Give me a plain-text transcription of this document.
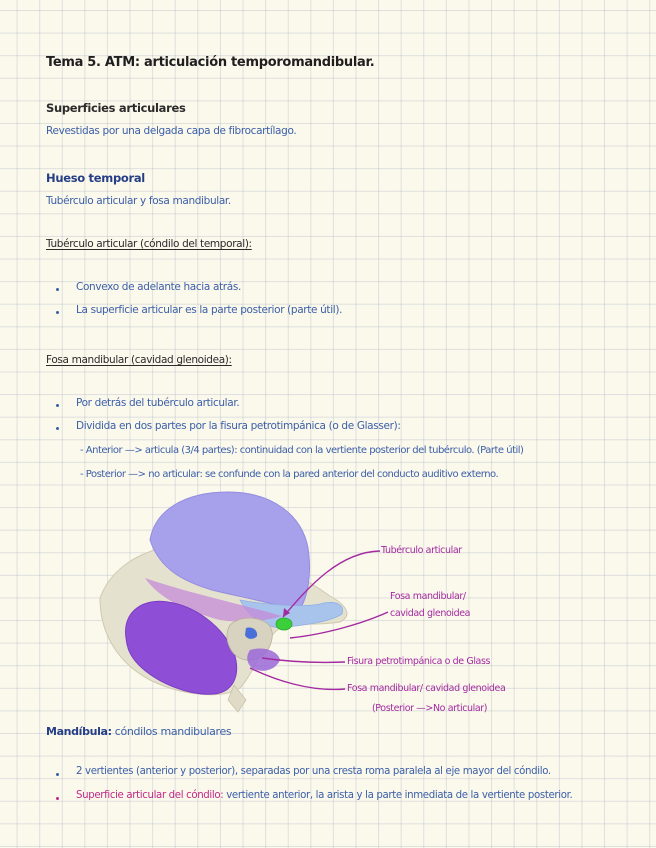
Tema 5. ATM: articulación temporomandibular.
Superficies articulares
Revestidas por una delgada capa de fibrocartílago.
Hueso temporal
Tubérculo articular y fosa mandibular.
Tubérculo articular (cóndilo del temporal):
Convexo de adelante hacia atrás.
La superficie articular es la parte posterior (parte útil).
Fosa mandibular (cavidad glenoidea):
Por detrás del tubérculo articular.
Dividida en dos partes por la fisura petrotimpánica (o de Glasser):
- Anterior —> articula (3/4 partes): continuidad con la vertiente posterior del tubérculo. (Parte útil)
- Posterior —> no articular: se confunde con la pared anterior del conducto auditivo externo.
Tubérculo articular
Fosa mandibular/
cavidad glenoidea
Fisura petrotimpánica o de Glass
Fosa mandibular/ cavidad glenoidea
(Posterior —>No articular)
Mandíbula: cóndilos mandibulares
2 vertientes (anterior y posterior), separadas por una cresta roma paralela al eje mayor del cóndilo.
Superficie articular del cóndilo: vertiente anterior, la arista y la parte inmediata de la vertiente posterior.
